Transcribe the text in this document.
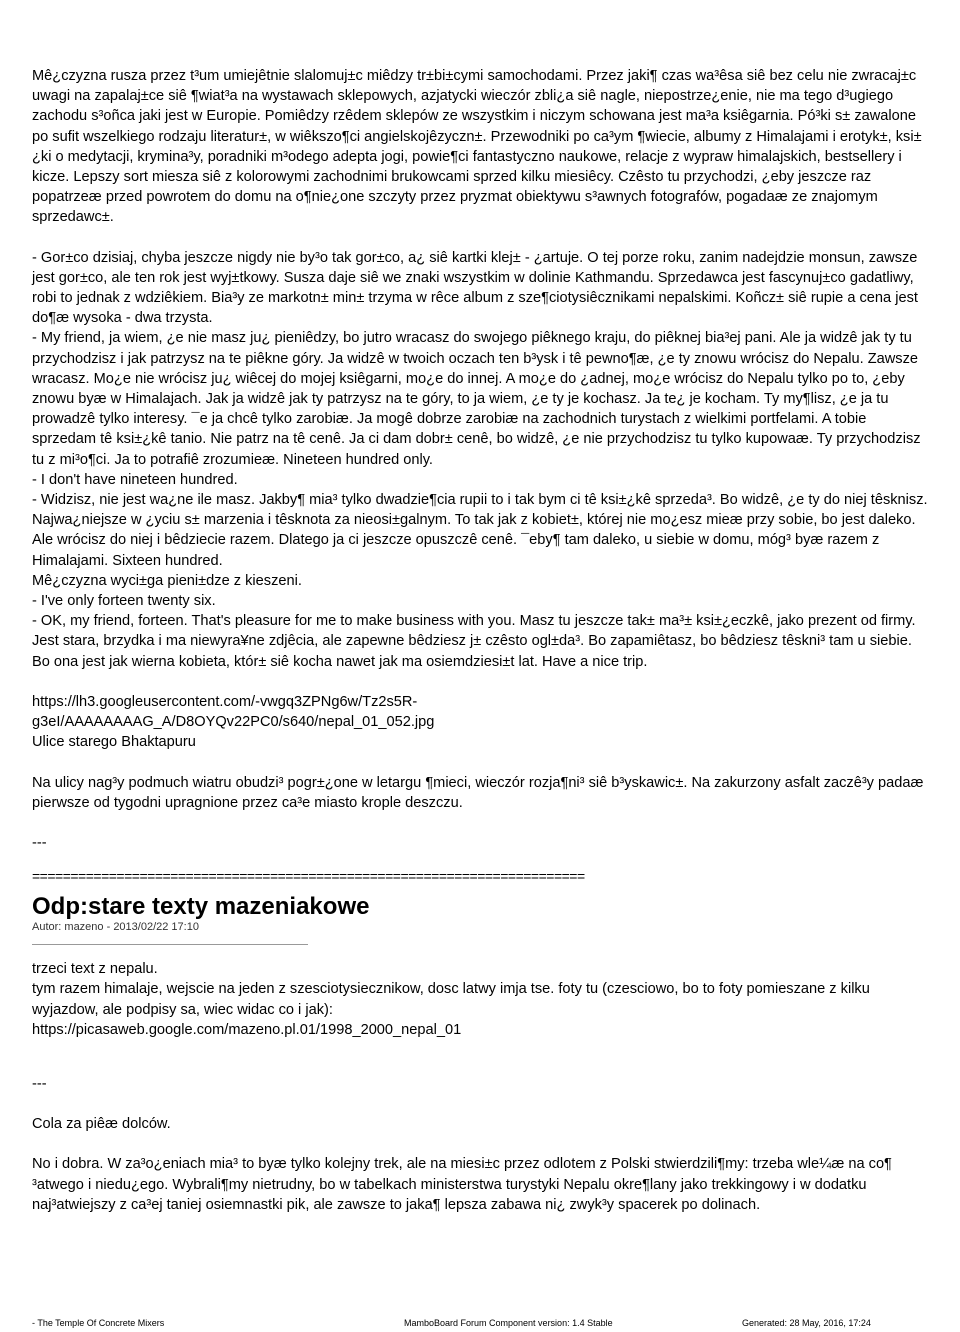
Mê¿czyzna rusza przez t³um umiejêtnie slalomuj±c miêdzy tr±bi±cymi samochodami. Przez jaki¶ czas wa³êsa siê bez celu nie zwracaj±c uwagi na zapalaj±ce siê ¶wiat³a na wystawach sklepowych, azjatycki wieczór zbli¿a siê nagle, niepostrze¿enie, nie ma tego d³ugiego zachodu s³oñca jaki jest w Europie. Pomiêdzy rzêdem sklepów ze wszystkim i niczym schowana jest ma³a ksiêgarnia. Pó³ki s± zawalone po sufit wszelkiego rodzaju literatur±, w wiêkszo¶ci angielskojêzyczn±. Przewodniki po ca³ym ¶wiecie, albumy z Himalajami i erotyk±, ksi±¿ki o medytacji, krymina³y, poradniki m³odego adepta jogi, powie¶ci fantastyczno naukowe, relacje z wypraw himalajskich, bestsellery i kicze. Lepszy sort miesza siê z kolorowymi zachodnimi brukowcami sprzed kilku miesiêcy. Czêsto tu przychodzi, ¿eby jeszcze raz popatrzeæ przed powrotem do domu na o¶nie¿one szczyty przez pryzmat obiektywu s³awnych fotografów, pogadaæ ze znajomym sprzedawc±.

- Gor±co dzisiaj, chyba jeszcze nigdy nie by³o tak gor±co, a¿ siê kartki klej± - ¿artuje. O tej porze roku, zanim nadejdzie monsun, zawsze jest gor±co, ale ten rok jest wyj±tkowy. Susza daje siê we znaki wszystkim w dolinie Kathmandu. Sprzedawca jest fascynuj±co gadatliwy, robi to jednak z wdziêkiem. Bia³y ze markotn± min± trzyma w rêce album z sze¶ciotysiêcznikami nepalskimi. Koñcz± siê rupie a cena jest do¶æ wysoka - dwa trzysta.
- My friend, ja wiem, ¿e nie masz ju¿ pieniêdzy, bo jutro wracasz do swojego piêknego kraju, do piêknej bia³ej pani. Ale ja widzê jak ty tu przychodzisz i jak patrzysz na te piêkne góry. Ja widzê w twoich oczach ten b³ysk i tê pewno¶æ, ¿e ty znowu wrócisz do Nepalu. Zawsze wracasz. Mo¿e nie wrócisz ju¿ wiêcej do mojej ksiêgarni, mo¿e do innej. A mo¿e do ¿adnej, mo¿e wrócisz do Nepalu tylko po to, ¿eby znowu byæ w Himalajach. Jak ja widzê jak ty patrzysz na te góry, to ja wiem, ¿e ty je kochasz. Ja te¿ je kocham. Ty my¶lisz, ¿e ja tu prowadzê tylko interesy. ¯e ja chcê tylko zarobiæ. Ja mogê dobrze zarobiæ na zachodnich turystach z wielkimi portfelami. A tobie sprzedam tê ksi±¿kê tanio. Nie patrz na tê cenê. Ja ci dam dobr± cenê, bo widzê, ¿e nie przychodzisz tu tylko kupowaæ. Ty przychodzisz tu z mi³o¶ci. Ja to potrafiê zrozumieæ. Nineteen hundred only.
- I don't have nineteen hundred.
- Widzisz, nie jest wa¿ne ile masz. Jakby¶ mia³ tylko dwadzie¶cia rupii to i tak bym ci tê ksi±¿kê sprzeda³. Bo widzê, ¿e ty do niej têsknisz. Najwa¿niejsze w ¿yciu s± marzenia i têsknota za nieosi±galnym. To tak jak z kobiet±, której nie mo¿esz mieæ przy sobie, bo jest daleko. Ale wrócisz do niej i bêdziecie razem. Dlatego ja ci jeszcze opuszczê cenê. ¯eby¶ tam daleko, u siebie w domu, móg³ byæ razem z Himalajami. Sixteen hundred.
Mê¿czyzna wyci±ga pieni±dze z kieszeni.
- I've only forteen twenty six.
- OK, my friend, forteen. That's pleasure for me to make business with you. Masz tu jeszcze tak± ma³± ksi±¿eczkê, jako prezent od firmy. Jest stara, brzydka i ma niewyra¥ne zdjêcia, ale zapewne bêdziesz j± czêsto ogl±da³. Bo zapamiêtasz, bo bêdziesz têskni³ tam u siebie. Bo ona jest jak wierna kobieta, któr± siê kocha nawet jak ma osiemdziesi±t lat. Have a nice trip.

https://lh3.googleusercontent.com/-vwgq3ZPNg6w/Tz2s5R-
g3eI/AAAAAAAAG_A/D8OYQv22PC0/s640/nepal_01_052.jpg

Ulice starego Bhaktapuru

Na ulicy nag³y podmuch wiatru obudzi³ pogr±¿one w letargu ¶mieci, wieczór rozja¶ni³ siê b³yskawic±. Na zakurzony asfalt zaczê³y padaæ pierwsze od tygodni upragnione przez ca³e miasto krople deszczu.

---

========================================================================

Odp:stare texty mazeniakowe

Autor: mazeno - 2013/02/22 17:10

trzeci text z nepalu.
tym razem himalaje, wejscie na jeden z szesciotysiecznikow, dosc latwy imja tse. foty tu (czesciowo, bo to foty pomieszane z kilku wyjazdow, ale podpisy sa, wiec widac co i jak):
https://picasaweb.google.com/mazeno.pl.01/1998_2000_nepal_01

---

Cola za piêæ dolców.

No i dobra. W za³o¿eniach mia³ to byæ tylko kolejny trek, ale na miesi±c przez odlotem z Polski stwierdzili¶my: trzeba wle¼æ na co¶ ³atwego i niedu¿ego. Wybrali¶my nietrudny, bo w tabelkach ministerstwa turystyki Nepalu okre¶lany jako trekkingowy i w dodatku naj³atwiejszy z ca³ej taniej osiemnastki pik, ale zawsze to jaka¶ lepsza zabawa ni¿ zwyk³y spacerek po dolinach.

- The Temple Of Concrete Mixers	MamboBoard Forum Component version: 1.4 Stable	Generated: 28 May, 2016, 17:24
